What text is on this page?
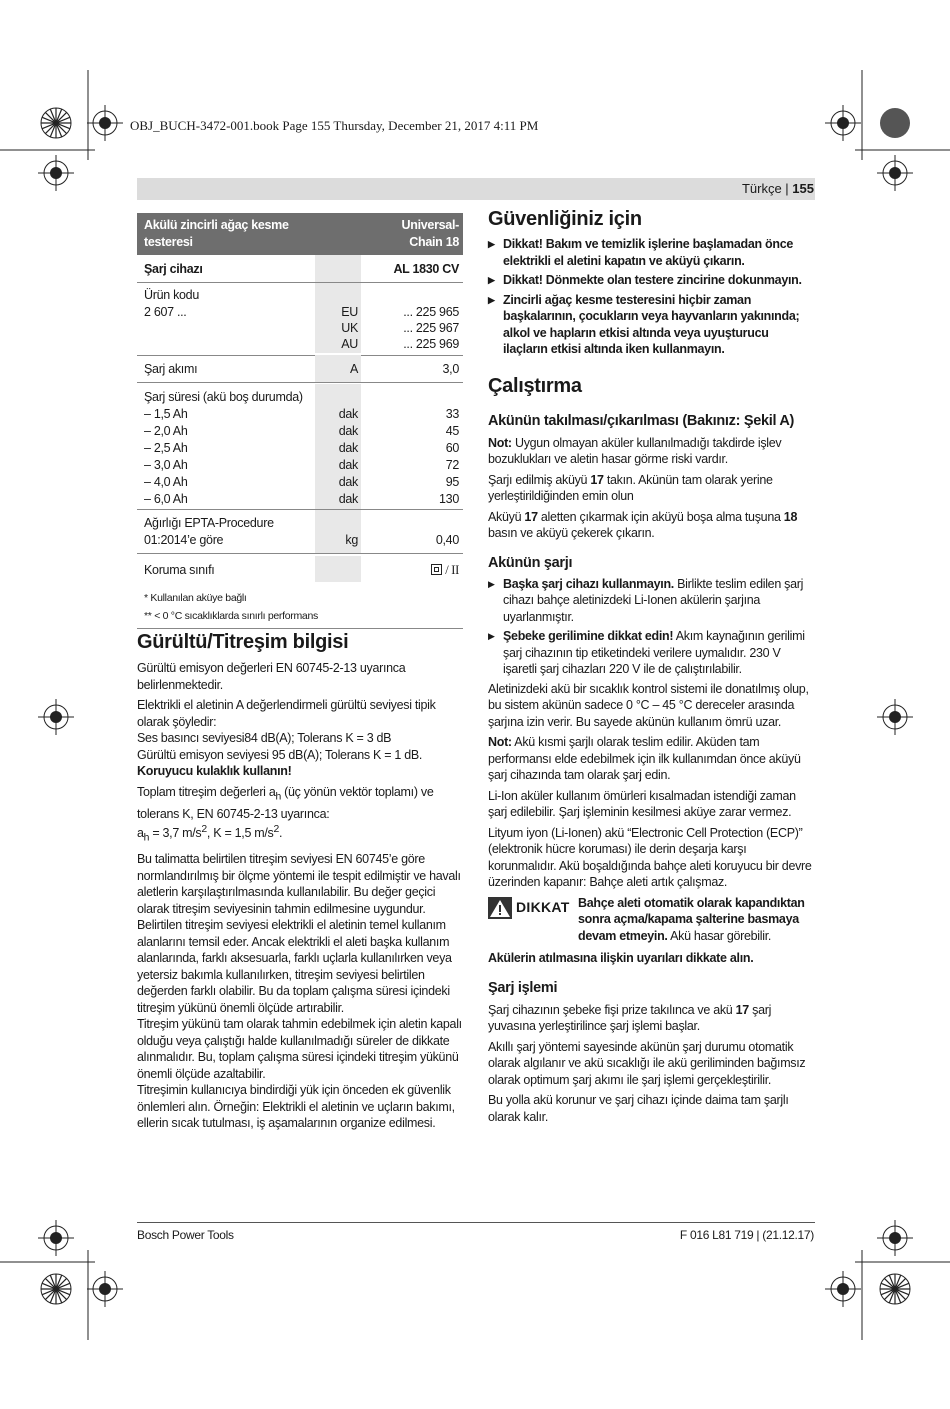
OBJ_BUCH-3472-001.book Page 155 Thursday, December 21, 2017 4:11 PM
Türkçe | 155
Akülü zincirli ağaç kesme testeresi
Universal-Chain 18
Şarj cihazı	AL 1830 CV
Ürün kodu
2 607 ...	EU	... 225 965
UK	... 225 967
AU	... 225 969
Şarj akımı	A	3,0
Şarj süresi (akü boş durumda)
– 1,5 Ah	dak	33
– 2,0 Ah	dak	45
– 2,5 Ah	dak	60
– 3,0 Ah	dak	72
– 4,0 Ah	dak	95
– 6,0 Ah	dak	130
Ağırlığı EPTA-Procedure
01:2014’e göre	kg	0,40
Koruma sınıfı	/ II
* Kullanılan aküye bağlı
** < 0 °C sıcaklıklarda sınırlı performans
Gürültü/Titreşim bilgisi

Gürültü emisyon değerleri EN 60745-2-13 uyarınca belirlenmektedir.

Elektrikli el aletinin A değerlendirmeli gürültü seviyesi tipik olarak şöyledir:
Ses basıncı seviyesi84 dB(A); Tolerans K = 3 dB
Gürültü emisyon seviyesi 95 dB(A); Tolerans K = 1 dB.
Koruyucu kulaklık kullanın!

Toplam titreşim değerleri $a_h$ (üç yönün vektör toplamı) ve tolerans K, EN 60745-2-13 uyarınca:
$a_h = 3,7$ $m/s^2$, K = 1,5 $m/s^2$.

Bu talimatta belirtilen titreşim seviyesi EN 60745’e göre normlandırılmış bir ölçme yöntemi ile tespit edilmiştir ve havalı aletlerin karşılaştırılmasında kullanılabilir. Bu değer geçici olarak titreşim seviyesinin tahmin edilmesine uygundur.
Belirtilen titreşim seviyesi elektrikli el aletinin temel kullanım alanlarını temsil eder. Ancak elektrikli el aleti başka kullanım alanlarında, farklı aksesuarla, farklı uçlarla kullanılırken veya yetersiz bakımla kullanılırken, titreşim seviyesi belirtilen değerden farklı olabilir. Bu da toplam çalışma süresi içindeki titreşim yükünü önemli ölçüde artırabilir.
Titreşim yükünü tam olarak tahmin edebilmek için aletin kapalı olduğu veya çalıştığı halde kullanılmadığı süreler de dikkate alınmalıdır. Bu, toplam çalışma süresi içindeki titreşim yükünü önemli ölçüde azaltabilir.
Titreşimin kullanıcıya bindirdiği yük için önceden ek güvenlik önlemleri alın. Örneğin: Elektrikli el aletinin ve uçların bakımı, ellerin sıcak tutulması, iş aşamalarının organize edilmesi.
Güvenliğiniz için
▶ Dikkat! Bakım ve temizlik işlerine başlamadan önce elektrikli el aletini kapatın ve aküyü çıkarın.
▶ Dikkat! Dönmekte olan testere zincirine dokunmayın.
▶ Zincirli ağaç kesme testeresini hiçbir zaman başkalarının, çocukların veya hayvanların yakınında; alkol ve hapların etkisi altında veya uyuşturucu ilaçların etkisi altında iken kullanmayın.
Çalıştırma
Akünün takılması/çıkarılması (Bakınız: Şekil A)

Not: Uygun olmayan aküler kullanılmadığı takdirde işlev bozuklukları ve aletin hasar görme riski vardır.

Şarjı edilmiş aküyü 17 takın. Akünün tam olarak yerine yerleştirildiğinden emin olun

Aküyü 17 aletten çıkarmak için aküyü boşa alma tuşuna 18 basın ve aküyü çekerek çıkarın.

Akünün şarjı
▶ Başka şarj cihazı kullanmayın. Birlikte teslim edilen şarj cihazı bahçe aletinizdeki Li-Ionen akülerin şarjına uyarlanmıştır.
▶ Şebeke gerilimine dikkat edin! Akım kaynağının gerilimi şarj cihazının tip etiketindeki verilere uymalıdır. 230 V işaretli şarj cihazları 220 V ile de çalıştırılabilir.

Aletinizdeki akü bir sıcaklık kontrol sistemi ile donatılmış olup, bu sistem akünün sadece 0 °C – 45 °C dereceler arasında şarjına izin verir. Bu sayede akünün kullanım ömrü uzar.

Not: Akü kısmi şarjlı olarak teslim edilir. Aküden tam performansı elde edebilmek için ilk kullanımdan önce aküyü şarj cihazında tam olarak şarj edin.

Li-Ion aküler kullanım ömürleri kısalmadan istendiği zaman şarj edilebilir. Şarj işleminin kesilmesi aküye zarar vermez.

Lityum iyon (Li-Ionen) akü “Electronic Cell Protection (ECP)” (elektronik hücre koruması) ile derin deşarja karşı korunmalıdır. Akü boşaldığında bahçe aleti koruyucu bir devre üzerinden kapanır: Bahçe aleti artık çalışmaz.

DIKKAT Bahçe aleti otomatik olarak kapandıktan sonra açma/kapama şalterine basmaya devam etmeyin. Akü hasar görebilir.

Akülerin atılmasına ilişkin uyarıları dikkate alın.

Şarj işlemi

Şarj cihazının şebeke fişi prize takılınca ve akü 17 şarj yuvasına yerleştirilince şarj işlemi başlar.

Akıllı şarj yöntemi sayesinde akünün şarj durumu otomatik olarak algılanır ve akü sıcaklığı ile akü geriliminden bağımsız olarak optimum şarj akımı ile şarj işlemi gerçekleştirilir.

Bu yolla akü korunur ve şarj cihazı içinde daima tam şarjlı olarak kalır.

Bosch Power Tools	F 016 L81 719 | (21.12.17)
